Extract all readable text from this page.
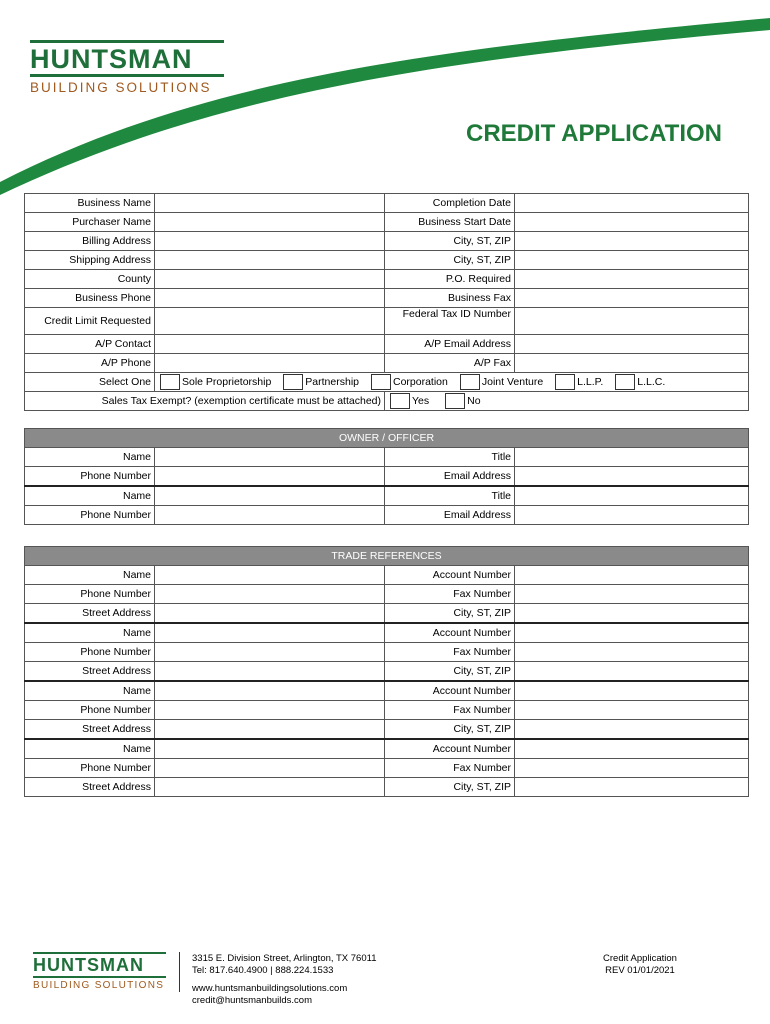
HUNTSMAN
BUILDING SOLUTIONS
CREDIT APPLICATION
Business Name		Completion Date	
Purchaser Name		Business Start Date	
Billing Address		City, ST, ZIP	
Shipping Address		City, ST, ZIP	
County		P.O. Required	
Business Phone		Business Fax	
Credit Limit Requested		Federal Tax ID Number	
A/P Contact		A/P Email Address	
A/P Phone		A/P Fax	
Select One	Sole Proprietorship Partnership Corporation Joint Venture L.L.P. L.L.C.		
Sales Tax Exempt? (exemption certificate must be attached)		Yes No	
OWNER / OFFICER			
Name		Title	
Phone Number		Email Address	
Name		Title	
Phone Number		Email Address	
TRADE REFERENCES			
Name		Account Number	
Phone Number		Fax Number	
Street Address		City, ST, ZIP	
Name		Account Number	
Phone Number		Fax Number	
Street Address		City, ST, ZIP	
Name		Account Number	
Phone Number		Fax Number	
Street Address		City, ST, ZIP	
Name		Account Number	
Phone Number		Fax Number	
Street Address		City, ST, ZIP	
HUNTSMAN
BUILDING SOLUTIONS
3315 E. Division Street, Arlington, TX 76011
Tel: 817.640.4900 | 888.224.1533
www.huntsmanbuildingsolutions.com
credit@huntsmanbuilds.com
Credit Application
REV 01/01/2021
